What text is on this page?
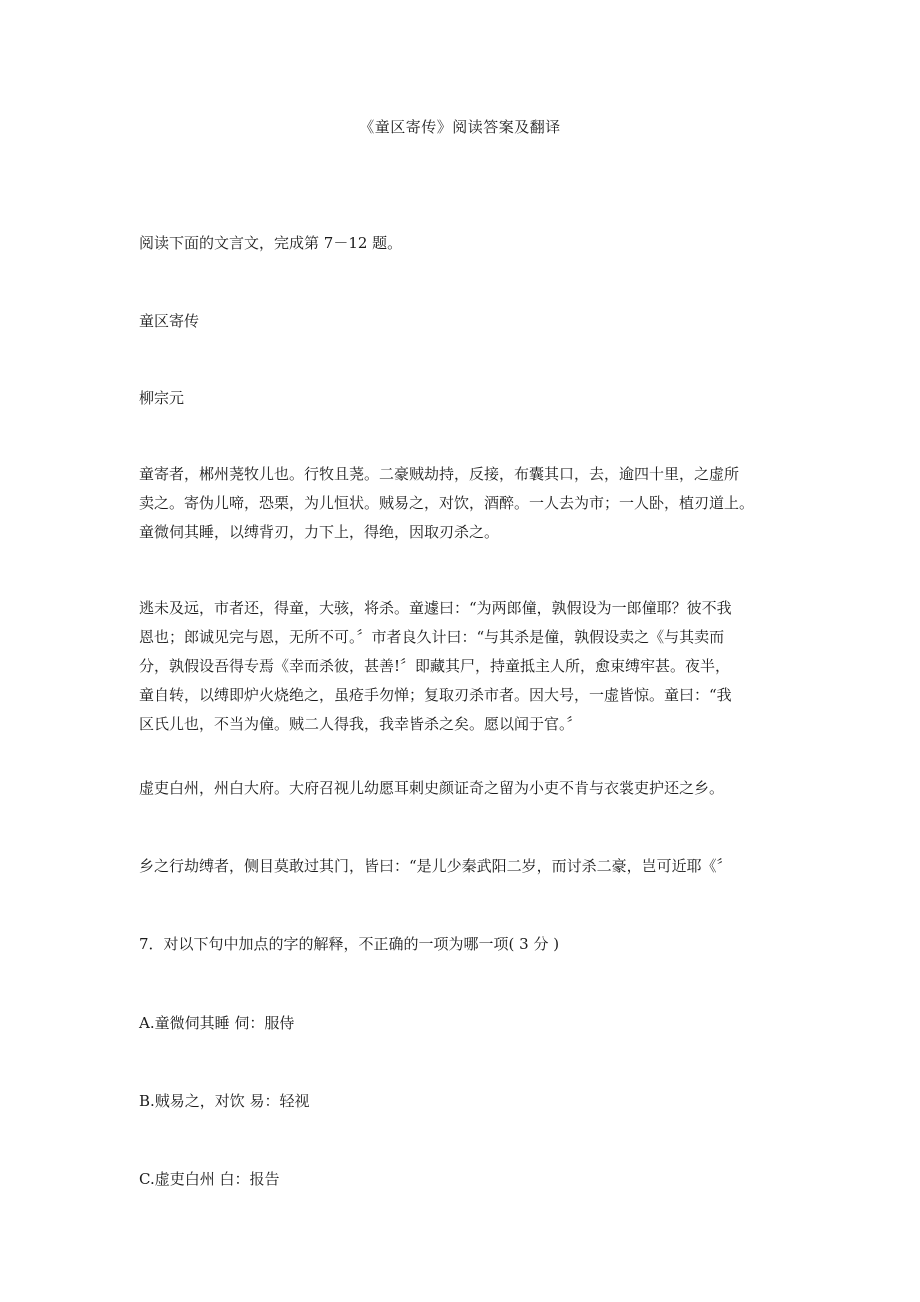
《童区寄传》阅读答案及翻译
阅读下面的文言文，完成第 7－12 题。
童区寄传
柳宗元
童寄者，郴州荛牧儿也。行牧且荛。二豪贼劫持，反接，布囊其口，去，逾四十里，之虚所
卖之。寄伪儿啼，恐栗，为儿恒状。贼易之，对饮，酒醉。一人去为市；一人卧，植刃道上。
童微伺其睡，以缚背刃，力下上，得绝，因取刃杀之。
逃未及远，市者还，得童，大骇，将杀。童遽曰：“为两郎僮，孰假设为一郎僮耶？彼不我
恩也；郎诚见完与恩，无所不可。〞市者良久计曰：“与其杀是僮，孰假设卖之《与其卖而
分，孰假设吾得专焉《幸而杀彼，甚善!〞即藏其尸，持童抵主人所，愈束缚牢甚。夜半，
童自转，以缚即炉火烧绝之，虽疮手勿惮；复取刃杀市者。因大号，一虚皆惊。童曰：“我
区氏儿也，不当为僮。贼二人得我，我幸皆杀之矣。愿以闻于官。〞
虚吏白州，州白大府。大府召视儿幼愿耳刺史颜证奇之留为小吏不肯与衣裳吏护还之乡。
乡之行劫缚者，侧目莫敢过其门，皆曰：“是儿少秦武阳二岁，而讨杀二豪，岂可近耶《〞
7．对以下句中加点的字的解释，不正确的一项为哪一项( 3 分 )
A.童微伺其睡 伺：服侍
B.贼易之，对饮 易：轻视
C.虚吏白州 白：报告
